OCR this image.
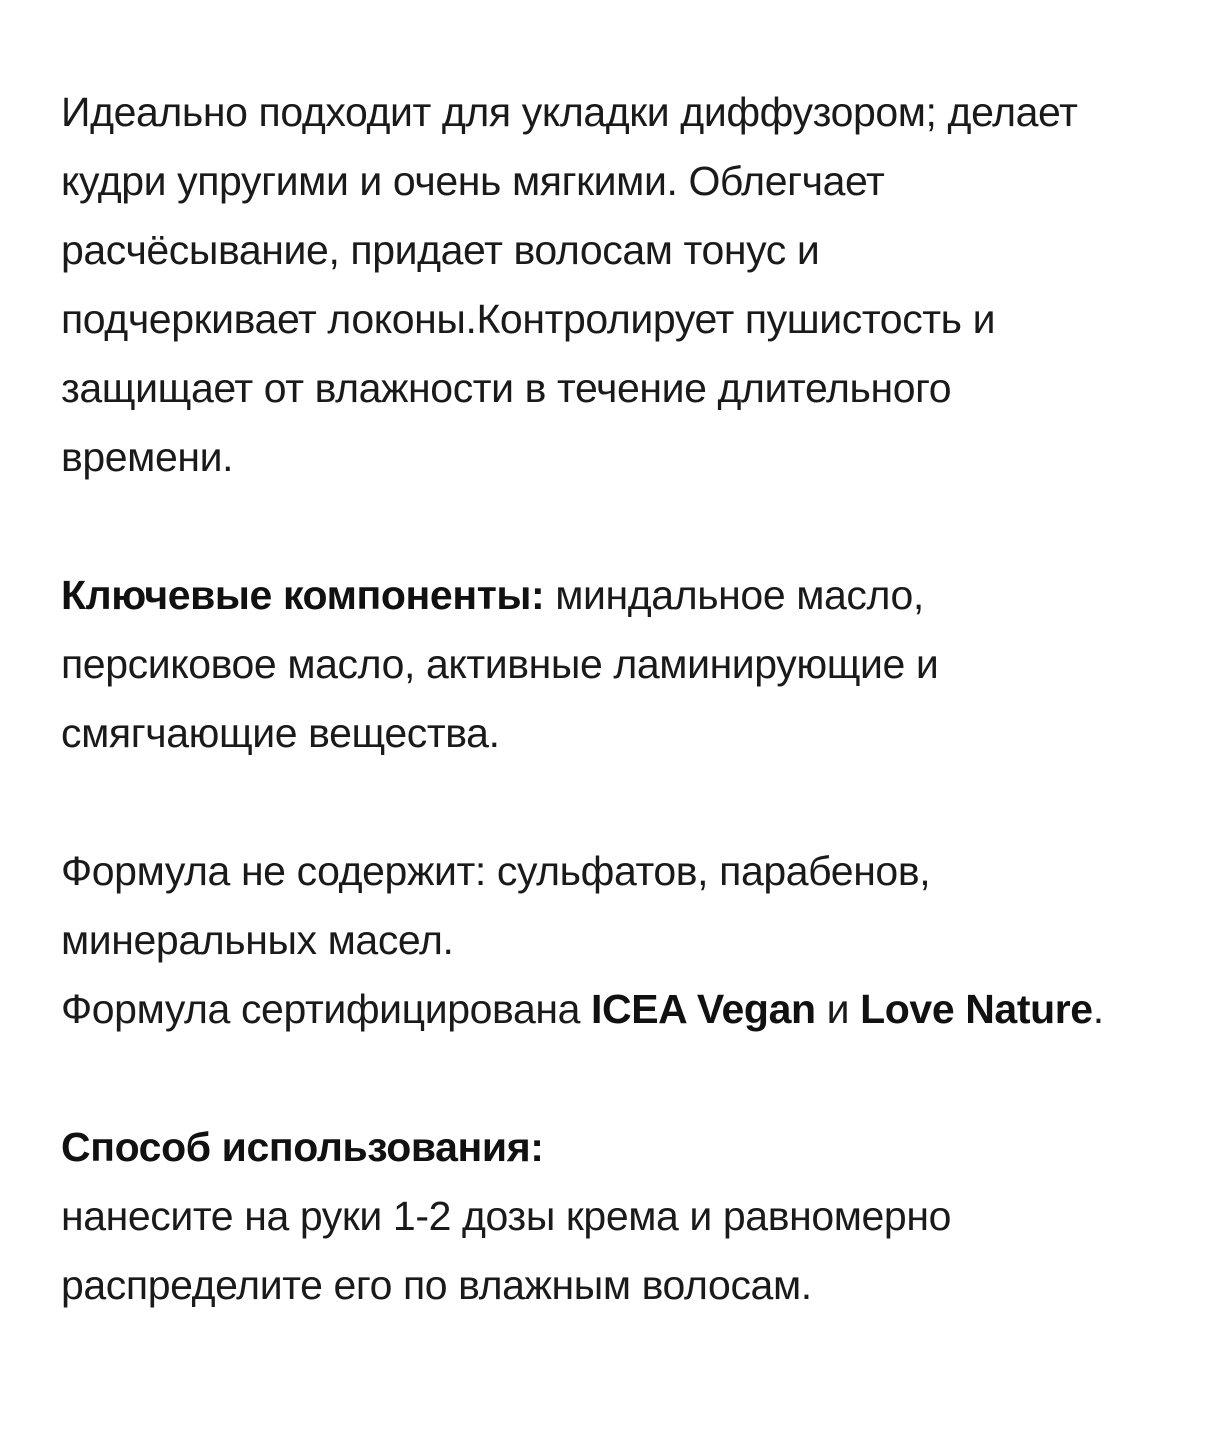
Идеально подходит для укладки диффузором; делает
кудри упругими и очень мягкими. Облегчает
расчёсывание, придает волосам тонус и
подчеркивает локоны.Контролирует пушистость и
защищает от влажности в течение длительного
времени.
Ключевые компоненты: миндальное масло,
персиковое масло, активные ламинирующие и
смягчающие вещества.
Формула не содержит: сульфатов, парабенов,
минеральных масел.
Формула сертифицирована ICEA Vegan и Love Nature.
Способ использования:
нанесите на руки 1-2 дозы крема и равномерно
распределите его по влажным волосам.
